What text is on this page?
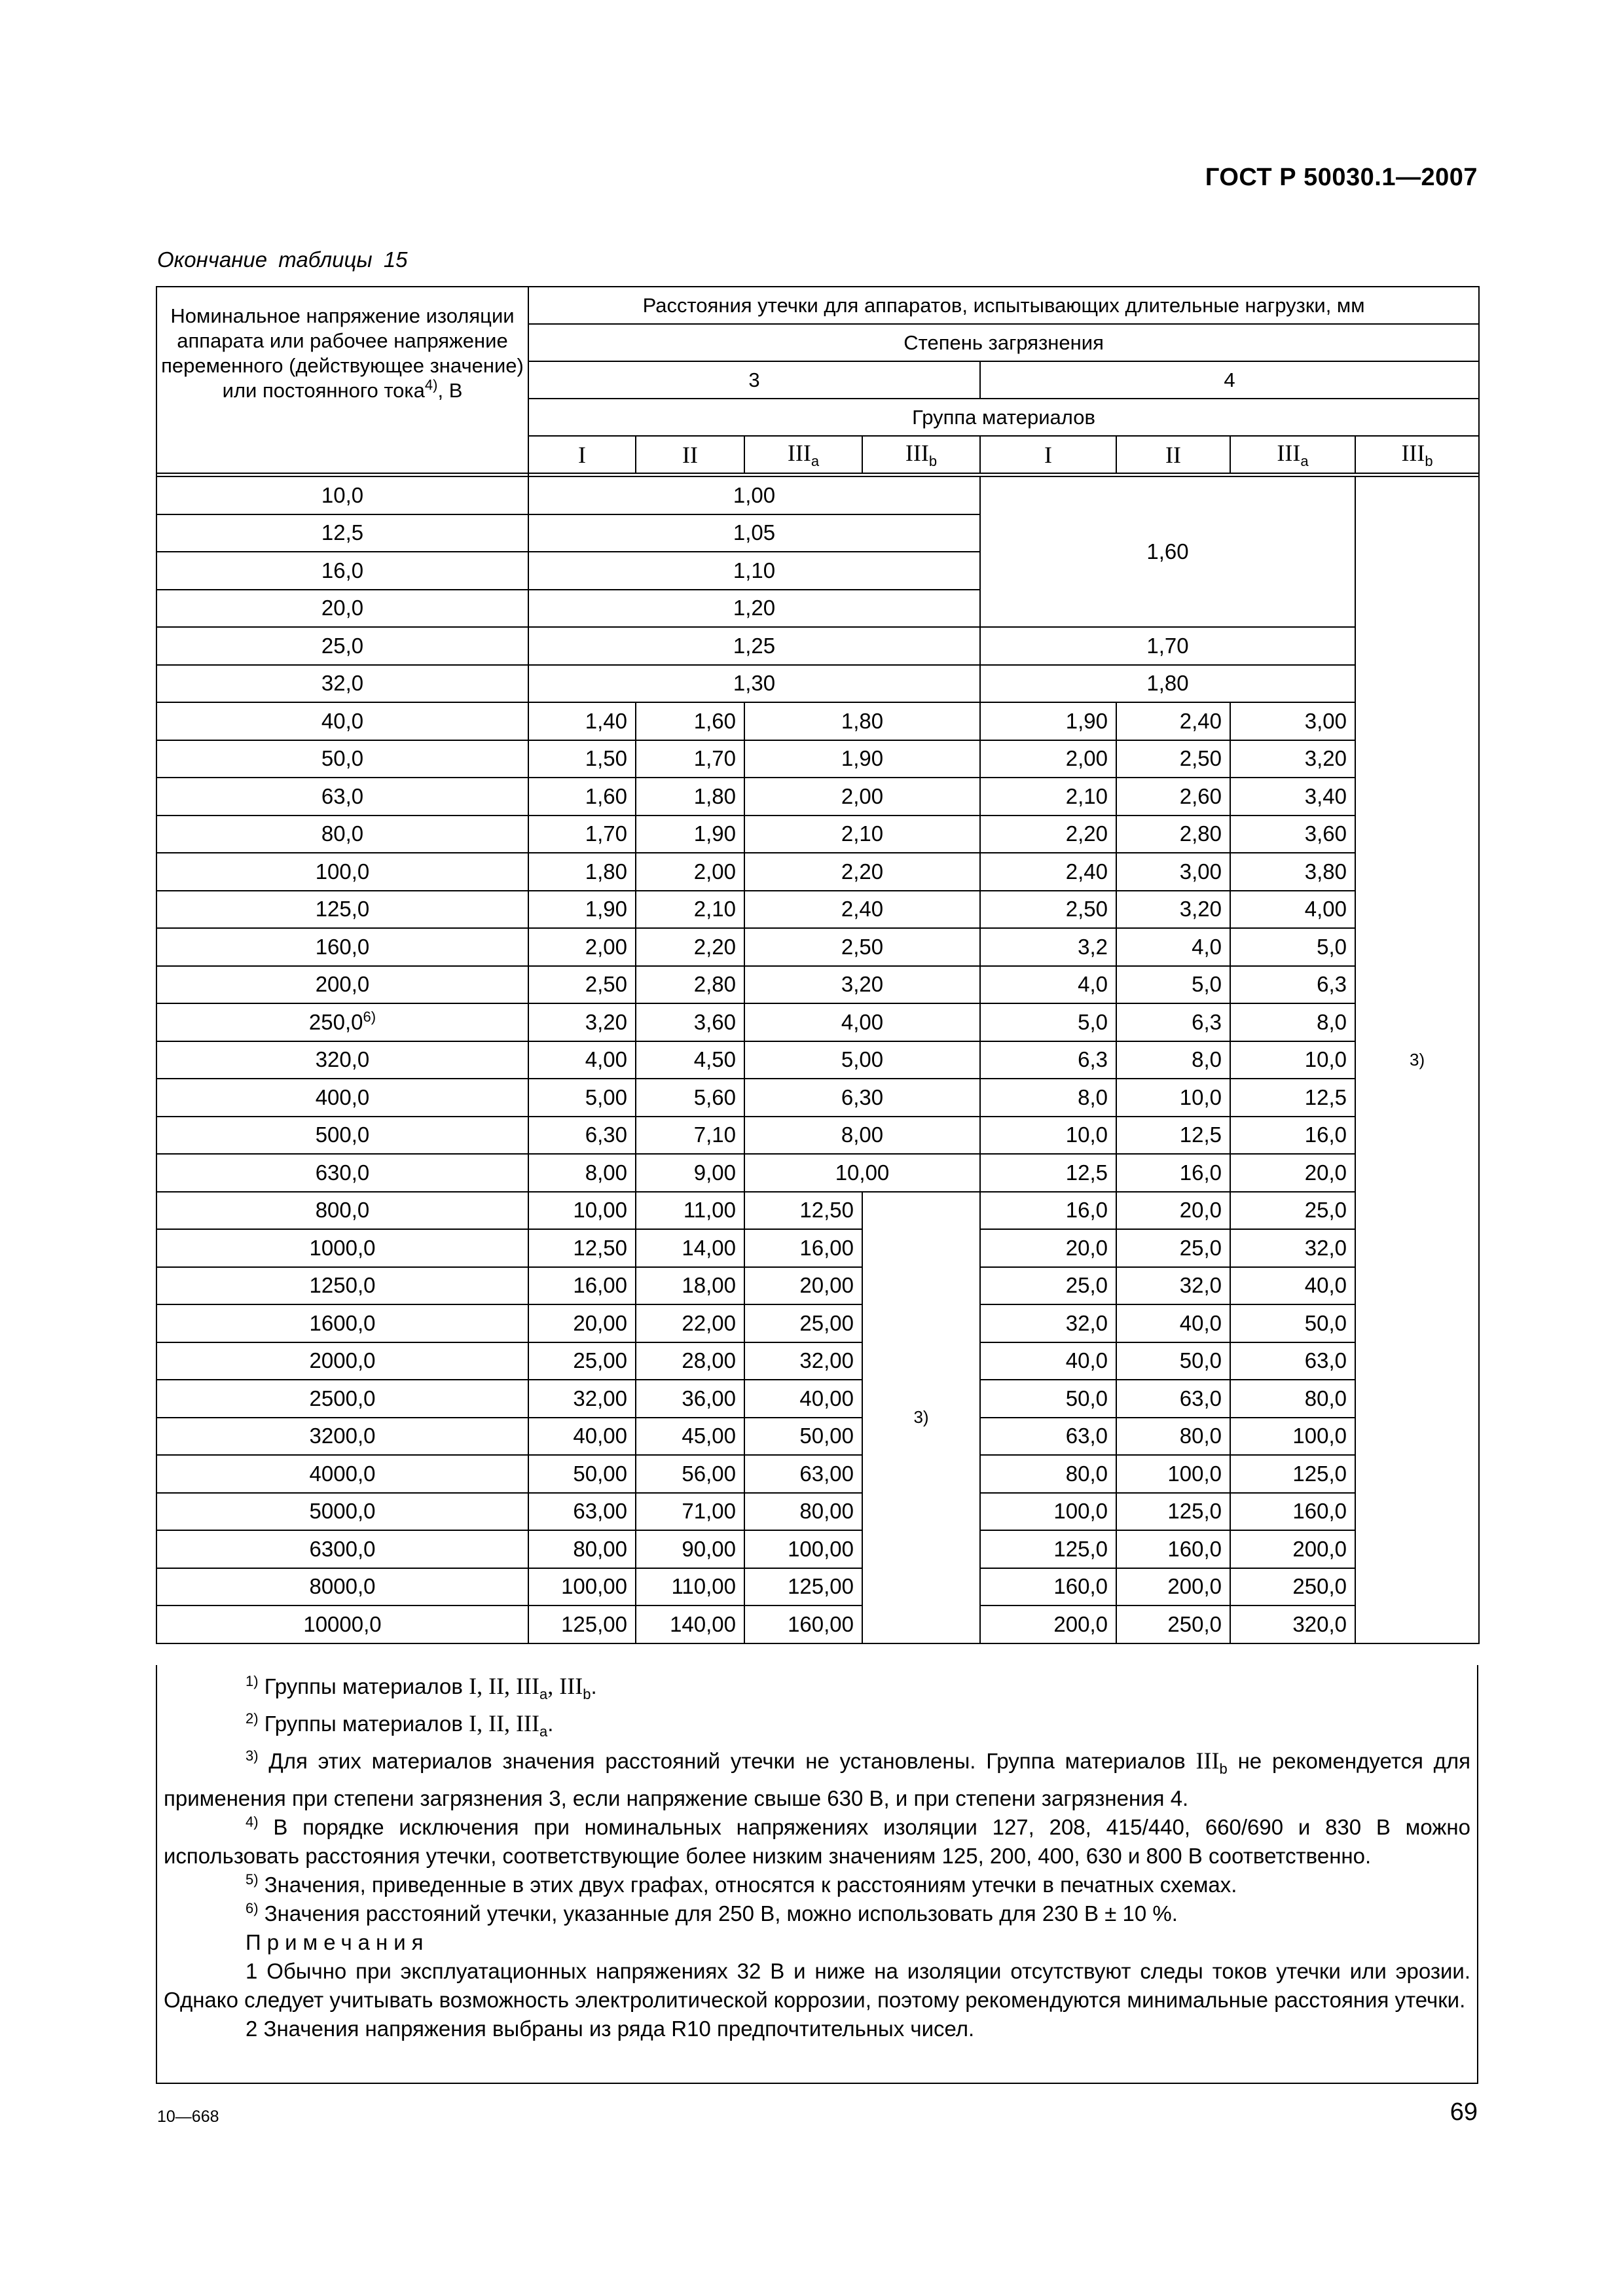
ГОСТ Р 50030.1—2007
Окончание таблицы 15
Номинальное напряжение изоляции аппарата или рабочее напряжение переменного (действующее значение) или постоянного тока$^{4)}$, В	Расстояния утечки для аппаратов, испытывающих длительные нагрузки, мм							
	Степень загрязнения							
	3				4			
	Группа материалов							
	I	II	$III_a$	$III_b$	I	II	$III_a$	$III_b$

10,0	1,00				1,60			3)
12,5	1,05							
16,0	1,10							
20,0	1,20							
25,0	1,25				1,70			
32,0	1,30				1,80			
40,0	1,40	1,60	1,80		1,90	2,40	3,00	
50,0	1,50	1,70	1,90		2,00	2,50	3,20	
63,0	1,60	1,80	2,00		2,10	2,60	3,40	
80,0	1,70	1,90	2,10		2,20	2,80	3,60	
100,0	1,80	2,00	2,20		2,40	3,00	3,80	
125,0	1,90	2,10	2,40		2,50	3,20	4,00	
160,0	2,00	2,20	2,50		3,2	4,0	5,0	
200,0	2,50	2,80	3,20		4,0	5,0	6,3	
250,0$^{6)}$	3,20	3,60	4,00		5,0	6,3	8,0	
320,0	4,00	4,50	5,00		6,3	8,0	10,0	
400,0	5,00	5,60	6,30		8,0	10,0	12,5	
500,0	6,30	7,10	8,00		10,0	12,5	16,0	
630,0	8,00	9,00	10,00		12,5	16,0	20,0	
800,0	10,00	11,00	12,50	3)	16,0	20,0	25,0	
1000,0	12,50	14,00	16,00		20,0	25,0	32,0	
1250,0	16,00	18,00	20,00		25,0	32,0	40,0	
1600,0	20,00	22,00	25,00		32,0	40,0	50,0	
2000,0	25,00	28,00	32,00		40,0	50,0	63,0	
2500,0	32,00	36,00	40,00		50,0	63,0	80,0	
3200,0	40,00	45,00	50,00		63,0	80,0	100,0	
4000,0	50,00	56,00	63,00		80,0	100,0	125,0	
5000,0	63,00	71,00	80,00		100,0	125,0	160,0	
6300,0	80,00	90,00	100,00		125,0	160,0	200,0	
8000,0	100,00	110,00	125,00		160,0	200,0	250,0	
10000,0	125,00	140,00	160,00		200,0	250,0	320,0	

$^{1)}$ Группы материалов I, II, $III_a$, $III_b$.

$^{2)}$ Группы материалов I, II, $III_a$.

$^{3)}$ Для этих материалов значения расстояний утечки не установлены. Группа материалов $III_b$ не рекомендуется для применения при степени загрязнения 3, если напряжение свыше 630 В, и при степени загрязнения 4.

$^{4)}$ В порядке исключения при номинальных напряжениях изоляции 127, 208, 415/440, 660/690 и 830 В можно использовать расстояния утечки, соответствующие более низким значениям 125, 200, 400, 630 и 800 В соответственно.

$^{5)}$ Значения, приведенные в этих двух графах, относятся к расстояниям утечки в печатных схемах.

$^{6)}$ Значения расстояний утечки, указанные для 250 В, можно использовать для 230 В ± 10 %.

Примечания

1 Обычно при эксплуатационных напряжениях 32 В и ниже на изоляции отсутствуют следы токов утечки или эрозии. Однако следует учитывать возможность электролитической коррозии, поэтому рекомендуются минимальные расстояния утечки.

2 Значения напряжения выбраны из ряда R10 предпочтительных чисел.

10—668	69
